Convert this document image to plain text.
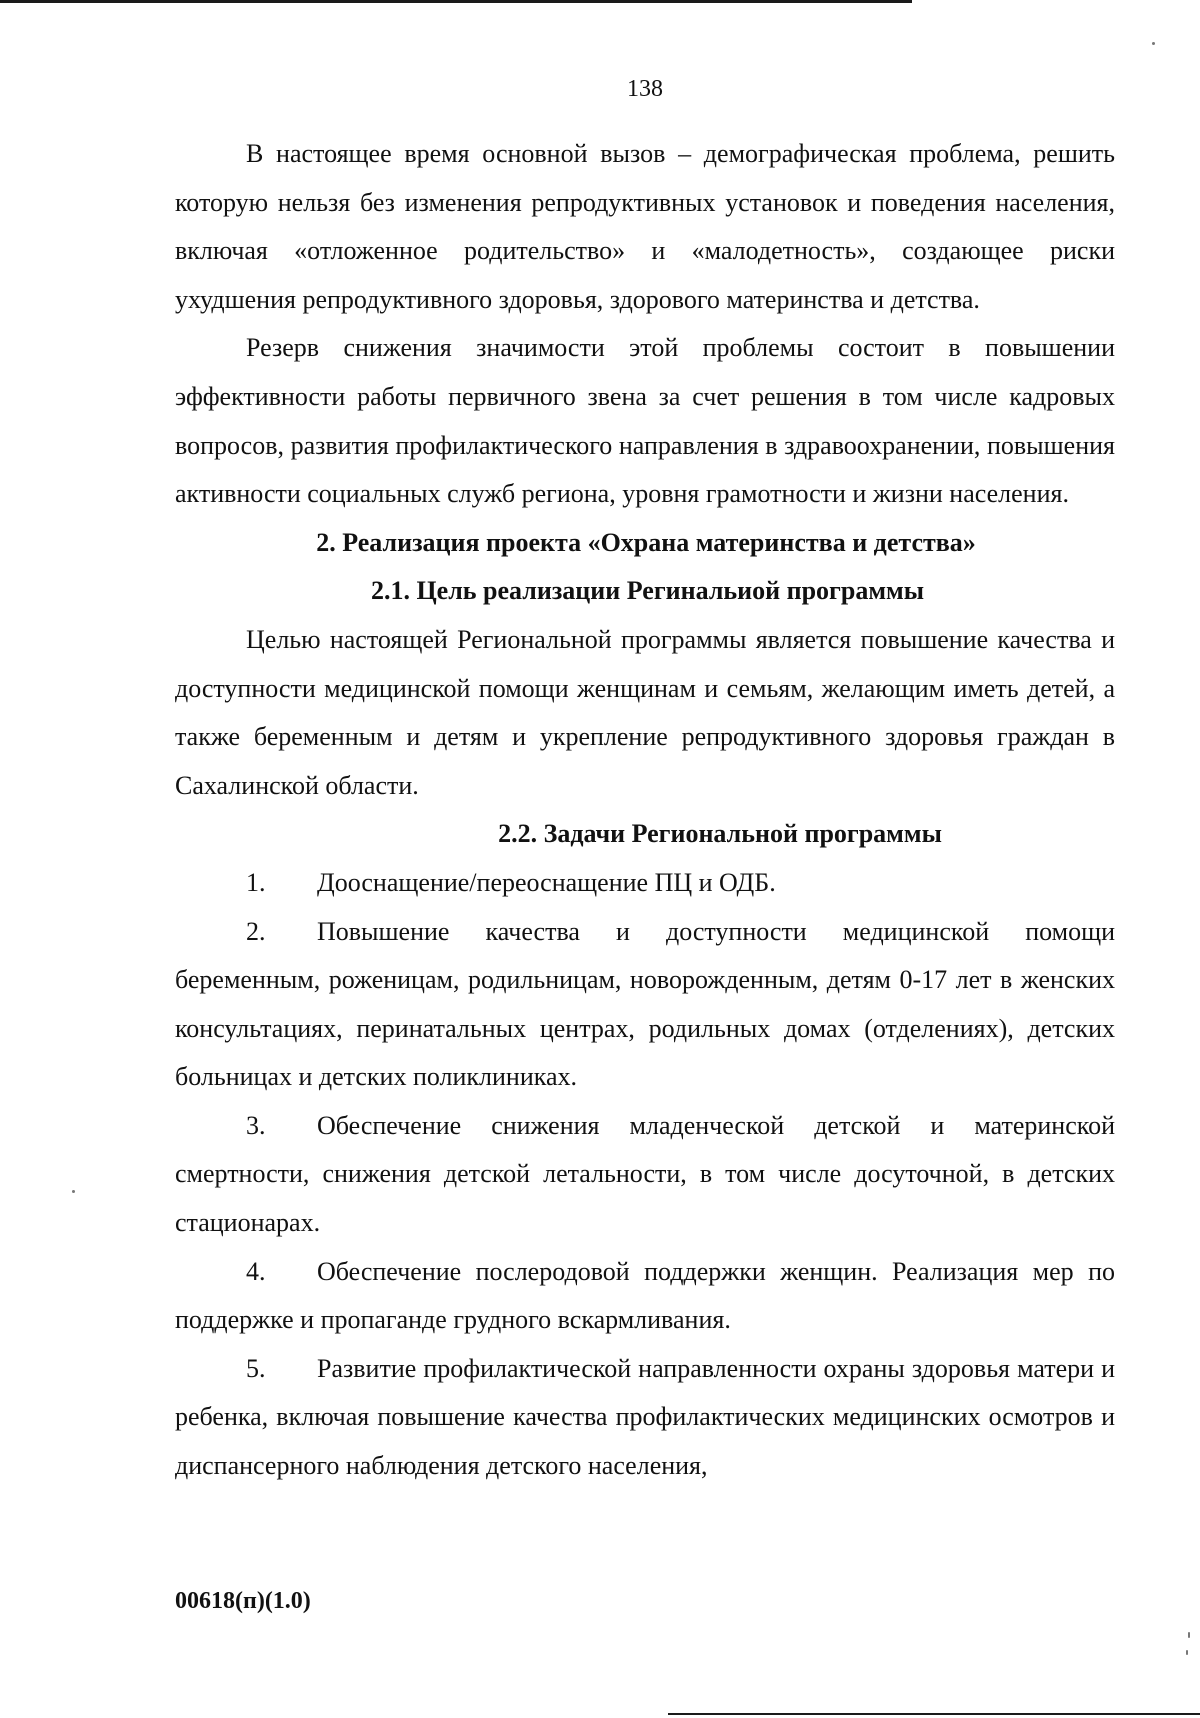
138

В настоящее время основной вызов – демографическая проблема, решить которую нельзя без изменения репродуктивных установок и поведения населения, включая «отложенное родительство» и «малодетность», создающее риски ухудшения репродуктивного здоровья, здорового материнства и детства.

Резерв снижения значимости этой проблемы состоит в повышении эффективности работы первичного звена за счет решения в том числе кадровых вопросов, развития профилактического направления в здравоохранении, повышения активности социальных служб региона, уровня грамотности и жизни населения.

2. Реализация проекта «Охрана материнства и детства»
2.1. Цель реализации Регинальиой программы

Целью настоящей Региональной программы является повышение качества и доступности медицинской помощи женщинам и семьям, желающим иметь детей, а также беременным и детям и укрепление репродуктивного здоровья граждан в Сахалинской области.

2.2. Задачи Региональной программы

1. Дооснащение/переоснащение ПЦ и ОДБ.

2. Повышение качества и доступности медицинской помощи беременным, роженицам, родильницам, новорожденным, детям 0-17 лет в женских консультациях, перинатальных центрах, родильных домах (отделениях), детских больницах и детских поликлиниках.

3. Обеспечение снижения младенческой детской и материнской смертности, снижения детской летальности, в том числе досуточной, в детских стационарах.

4. Обеспечение послеродовой поддержки женщин. Реализация мер по поддержке и пропаганде грудного вскармливания.

5. Развитие профилактической направленности охраны здоровья матери и ребенка, включая повышение качества профилактических медицинских осмотров и диспансерного наблюдения детского населения,

00618(п)(1.0)
